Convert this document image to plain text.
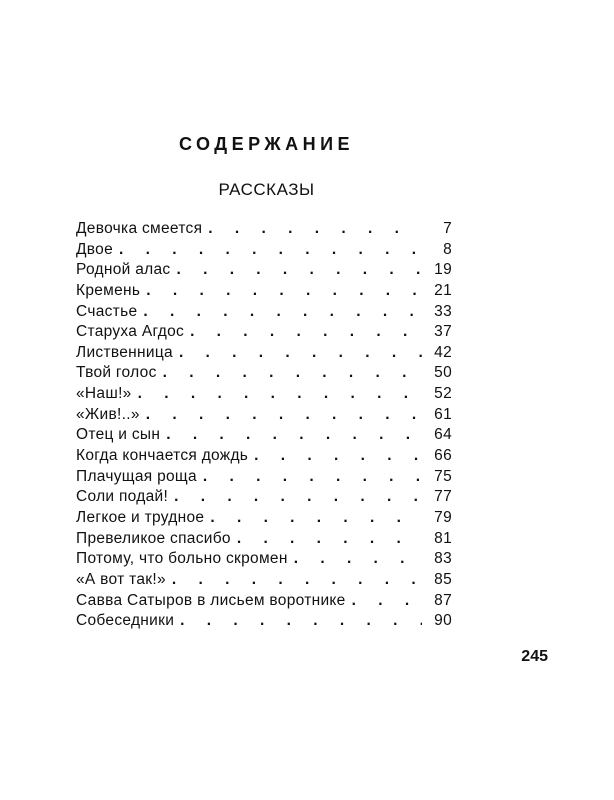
СОДЕРЖАНИЕ
РАССКАЗЫ
Девочка смеется . . .	7
Двое . . .	8
Родной алас . . .	19
Кремень . . .	21
Счастье . . .	33
Старуха Агдос . . .	37
Лиственница . . .	42
Твой голос . . .	50
«Наш!» . . .	52
«Жив!..» . . .	61
Отец и сын . . .	64
Когда кончается дождь . . .	66
Плачущая роща . . .	75
Соли подай! . . .	77
Легкое и трудное . . .	79
Превеликое спасибо . . .	81
Потому, что больно скромен . . .	83
«А вот так!» . . .	85
Савва Сатыров в лисьем воротнике . . .	87
Собеседники . . .	90
245
